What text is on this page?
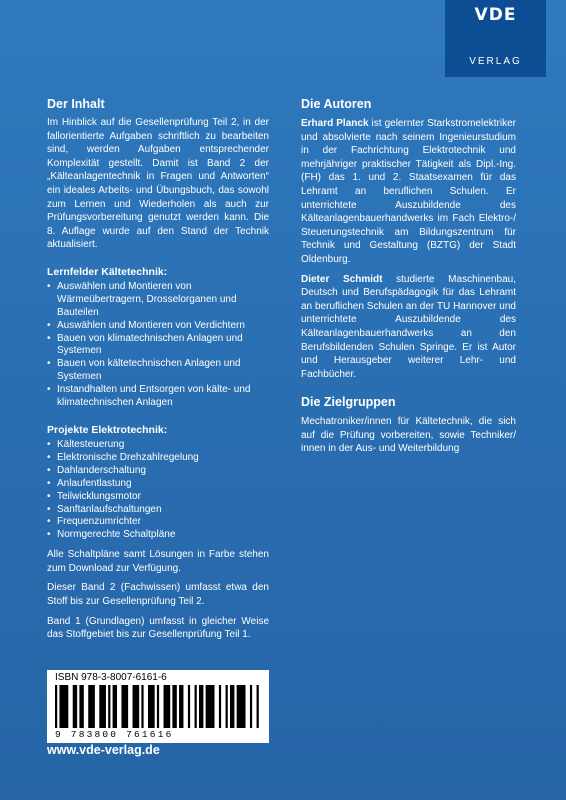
VDE
VERLAG
Der Inhalt

Im Hinblick auf die Gesellenprüfung Teil 2, in der fallorientierte Aufgaben schriftlich zu bearbeiten sind, werden Aufgaben entsprechender Komplexität gestellt. Damit ist Band 2 der „Kälteanlagentechnik in Fragen und Antworten“ ein ideales Arbeits- und Übungsbuch, das sowohl zum Lernen und Wiederholen als auch zur Prüfungsvorbereitung genutzt werden kann. Die 8. Auflage wurde auf den Stand der Technik aktualisiert.

Lernfelder Kältetechnik:
• Auswählen und Montieren von Wärmeübertragern, Drosselorganen und Bauteilen
• Auswählen und Montieren von Verdichtern
• Bauen von klimatechnischen Anlagen und Systemen
• Bauen von kältetechnischen Anlagen und Systemen
• Instandhalten und Entsorgen von kälte- und klimatechnischen Anlagen
Projekte Elektrotechnik:
• Kältesteuerung
• Elektronische Drehzahlregelung
• Dahlanderschaltung
• Anlaufentlastung
• Teilwicklungsmotor
• Sanftanlaufschaltungen
• Frequenzumrichter
• Normgerechte Schaltpläne

Alle Schaltpläne samt Lösungen in Farbe stehen zum Download zur Verfügung.

Dieser Band 2 (Fachwissen) umfasst etwa den Stoff bis zur Gesellenprüfung Teil 2.

Band 1 (Grundlagen) umfasst in gleicher Weise das Stoffgebiet bis zur Gesellenprüfung Teil 1.

Die Autoren

Erhard Planck ist gelernter Starkstromelektriker und absolvierte nach seinem Ingenieurstudium in der Fachrichtung Elektrotechnik und mehrjähriger praktischer Tätigkeit als Dipl.-Ing. (FH) das 1. und 2. Staatsexamen für das Lehramt an beruflichen Schulen. Er unterrichtete Auszubildende des Kälteanlagenbauerhandwerks im Fach Elektro-/ Steuerungstechnik am Bildungszentrum für Technik und Gestaltung (BZTG) der Stadt Oldenburg.

Dieter Schmidt studierte Maschinenbau, Deutsch und Berufspädagogik für das Lehramt an beruflichen Schulen an der TU Hannover und unterrichtete Auszubildende des Kälteanlagenbauerhandwerks an den Berufsbildenden Schulen Springe. Er ist Autor und Herausgeber weiterer Lehr- und Fachbücher.

Die Zielgruppen

Mechatroniker/innen für Kältetechnik, die sich auf die Prüfung vorbereiten, sowie Techniker/ innen in der Aus- und Weiterbildung

ISBN 978-3-8007-6161-6
9 783800 761616
www.vde-verlag.de
